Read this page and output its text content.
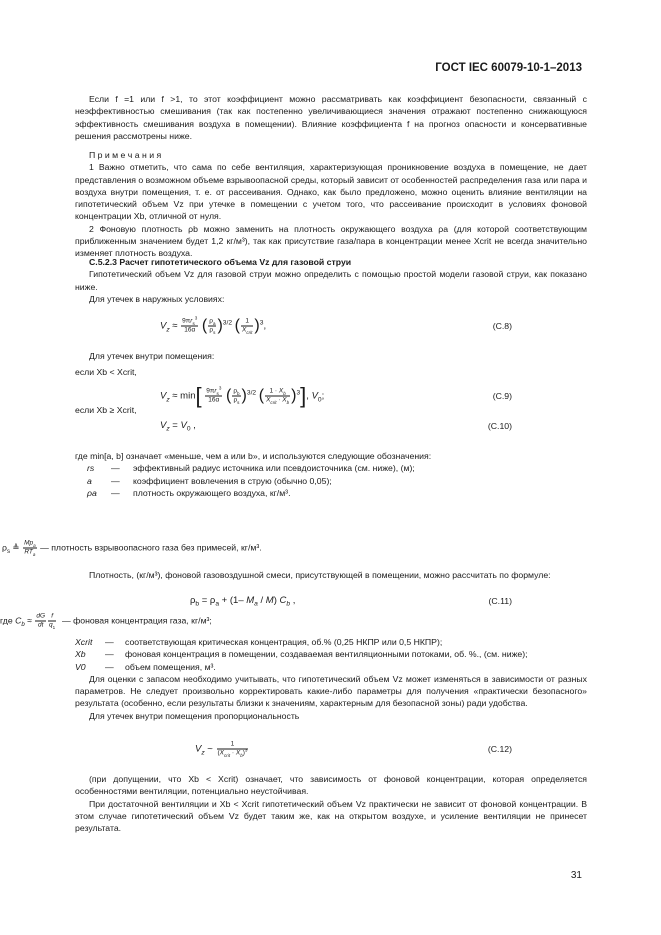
ГОСТ IEC 60079-10-1–2013

Если f =1 или f >1, то этот коэффициент можно рассматривать как коэффициент безопасности, связанный с неэффективностью смешивания (так как постепенно увеличивающиеся значения отражают постепенно снижающуюся эффективность смешивания воздуха в помещении). Влияние коэффициента f на прогноз опасности и консервативные решения рассмотрены ниже.

П р и м е ч а н и я

1 Важно отметить, что сама по себе вентиляция, характеризующая проникновение воздуха в помещение, не дает представления о возможном объеме взрывоопасной среды, который зависит от особенностей распределения газа или пара и воздуха внутри помещения, т. е. от рассеивания. Однако, как было предложено, можно оценить влияние вентиляции на гипотетический объем Vz при утечке в помещении с учетом того, что рассеивание происходит в условиях фоновой концентрации Xb, отличной от нуля.

2 Фоновую плотность ρb можно заменить на плотность окружающего воздуха ρa (для которой соответствующим приближенным значением будет 1,2 кг/м³), так как присутствие газа/пара в концентрации менее Xcrit не всегда значительно изменяет плотность воздуха.

С.5.2.3 Расчет гипотетического объема Vz для газовой струи

Гипотетический объем Vz для газовой струи можно определить с помощью простой модели газовой струи, как показано ниже.

Для утечек в наружных условиях:

$V_z \approx 9\pi r_s^3$
16α ( $\frac{\rho_a}{\rho_s} )^{3/2}$ ( 1
$X_{crit}$ )$^3$,	(C.8)

Для утечек внутри помещения:

если Xb < Xcrit,

$V_z \approx \min$[ $9\pi r_s^3$
16α ( $\frac{\rho_b}{\rho_s} )^{3/2}$ ( $1 \cdot X_b$
$X_{crit} \cdot X_b$ )$^3$], $V_0$;	(C.9)

если Xb ≥ Xcrit,

$V_z = V_0$ ,	(C.10)

где min[a, b] означает «меньше, чем a или b», и используются следующие обозначения:

rs	—	эффективный радиус источника или псевдоисточника (см. ниже), (м);
a	—	коэффициент вовлечения в струю (обычно 0,05);
ρa	—	плотность окружающего воздуха, кг/м³.
$\rho_s$ ≜ $Mp_a$
$RT_a$
— плотность взрывоопасного газа без примесей, кг/м³.

Плотность, (кг/м³), фоновой газовоздушной смеси, присутствующей в помещении, можно рассчитать по формуле:

$\rho_b = \rho_a + (1-$ $M_a / M$) $C_b$ ,	(C.11)
где $C_b \approx \frac{dG}{dt} \frac{f}{q_1}$ — фоновая концентрация газа, кг/м³;
Xcrit	—	соответствующая критическая концентрация, об.% (0,25 НКПР или 0,5 НКПР);
Xb	—	фоновая концентрация в помещении, создаваемая вентиляционными потоками, об. %., (см. ниже);
V0	—	объем помещения, м³.

Для оценки с запасом необходимо учитывать, что гипотетический объем Vz может изменяться в зависимости от разных параметров. Не следует произвольно корректировать какие-либо параметры для получения «практически безопасного» результата (особенно, если результаты близки к значениям, характерным для безопасной зоны) ради удобства.

Для утечек внутри помещения пропорциональность

$V_z$ ~	1
$(X_{crit} \cdot X_b)^3$	(C.12)

(при допущении, что Xb < Xcrit) означает, что зависимость от фоновой концентрации, которая определяется особенностями вентиляции, потенциально неустойчивая.

При достаточной вентиляции и Xb < Xcrit гипотетический объем Vz практически не зависит от фоновой концентрации. В этом случае гипотетический объем Vz будет таким же, как на открытом воздухе, и усиление вентиляции не принесет результата.

31
